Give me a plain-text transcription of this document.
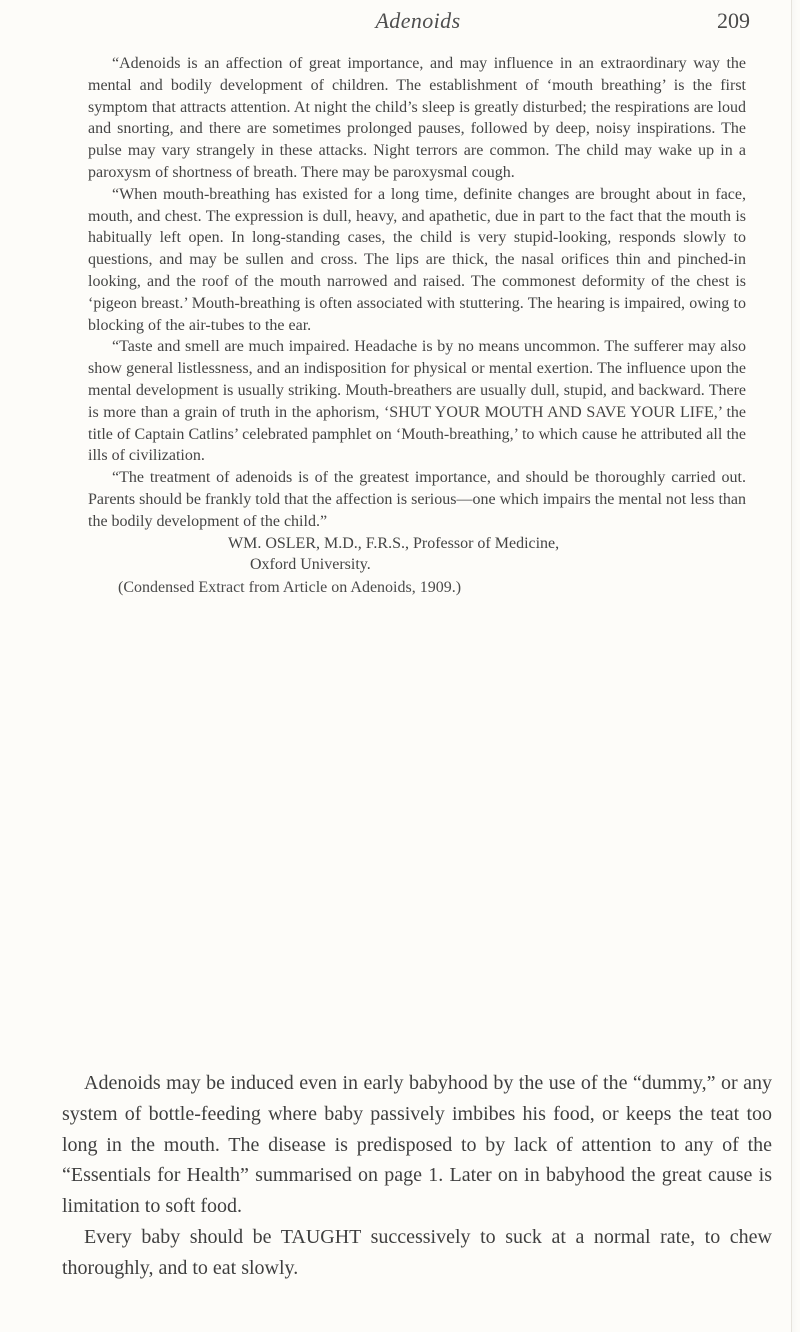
Adenoids	209

“Adenoids is an affection of great importance, and may influence in an extraordinary way the mental and bodily development of children. The establishment of ‘mouth breathing’ is the first symptom that attracts attention. At night the child’s sleep is greatly disturbed; the respirations are loud and snorting, and there are sometimes prolonged pauses, followed by deep, noisy inspirations. The pulse may vary strangely in these attacks. Night terrors are common. The child may wake up in a paroxysm of shortness of breath. There may be paroxysmal cough.

“When mouth-breathing has existed for a long time, definite changes are brought about in face, mouth, and chest. The expression is dull, heavy, and apathetic, due in part to the fact that the mouth is habitually left open. In long-standing cases, the child is very stupid-looking, responds slowly to questions, and may be sullen and cross. The lips are thick, the nasal orifices thin and pinched-in looking, and the roof of the mouth narrowed and raised. The commonest deformity of the chest is ‘pigeon breast.’ Mouth-breathing is often associated with stuttering. The hearing is impaired, owing to blocking of the air-tubes to the ear.

“Taste and smell are much impaired. Headache is by no means uncommon. The sufferer may also show general listlessness, and an indisposition for physical or mental exertion. The influence upon the mental development is usually striking. Mouth-breathers are usually dull, stupid, and backward. There is more than a grain of truth in the aphorism, ‘SHUT YOUR MOUTH AND SAVE YOUR LIFE,’ the title of Captain Catlins’ celebrated pamphlet on ‘Mouth-breathing,’ to which cause he attributed all the ills of civilization.

“The treatment of adenoids is of the greatest importance, and should be thoroughly carried out. Parents should be frankly told that the affection is serious—one which impairs the mental not less than the bodily development of the child.”

WM. OSLER, M.D., F.R.S., Professor of Medicine,
Oxford University.
(Condensed Extract from Article on Adenoids, 1909.)

Adenoids may be induced even in early babyhood by the use of the “dummy,” or any system of bottle-feeding where baby passively imbibes his food, or keeps the teat too long in the mouth. The disease is predisposed to by lack of attention to any of the “Essentials for Health” summarised on page 1. Later on in babyhood the great cause is limitation to soft food.

Every baby should be TAUGHT successively to suck at a normal rate, to chew thoroughly, and to eat slowly.
